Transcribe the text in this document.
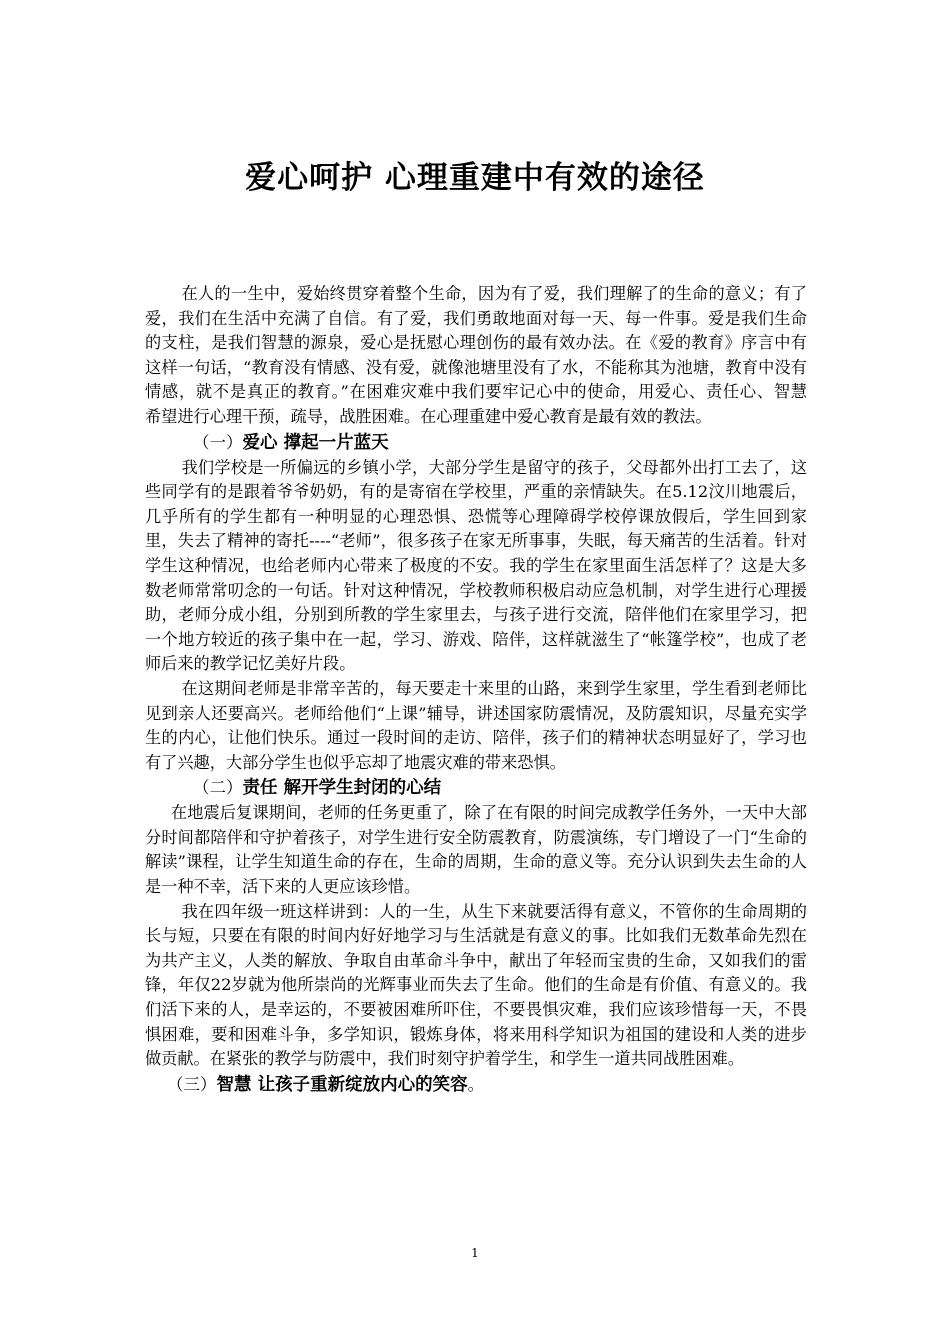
爱心呵护 心理重建中有效的途径

在人的一生中，爱始终贯穿着整个生命，因为有了爱，我们理解了的生命的意义；有了爱，我们在生活中充满了自信。有了爱，我们勇敢地面对每一天、每一件事。爱是我们生命的支柱，是我们智慧的源泉，爱心是抚慰心理创伤的最有效办法。在《爱的教育》序言中有这样一句话，“教育没有情感、没有爱，就像池塘里没有了水，不能称其为池塘，教育中没有情感，就不是真正的教育。”在困难灾难中我们要牢记心中的使命，用爱心、责任心、智慧　希望进行心理干预，疏导，战胜困难。在心理重建中爱心教育是最有效的教法。

（一）爱心 撑起一片蓝天

我们学校是一所偏远的乡镇小学，大部分学生是留守的孩子，父母都外出打工去了，这些同学有的是跟着爷爷奶奶，有的是寄宿在学校里，严重的亲情缺失。在5.12汶川地震后，几乎所有的学生都有一种明显的心理恐惧、恐慌等心理障碍学校停课放假后，学生回到家里，失去了精神的寄托----“老师”，很多孩子在家无所事事，失眠，每天痛苦的生活着。针对学生这种情况，也给老师内心带来了极度的不安。我的学生在家里面生活怎样了？这是大多数老师常常叨念的一句话。针对这种情况，学校教师积极启动应急机制，对学生进行心理援助，老师分成小组，分别到所教的学生家里去，与孩子进行交流，陪伴他们在家里学习，把一个地方较近的孩子集中在一起，学习、游戏、陪伴，这样就滋生了“帐篷学校”，也成了老师后来的教学记忆美好片段。

在这期间老师是非常辛苦的，每天要走十来里的山路，来到学生家里，学生看到老师比见到亲人还要高兴。老师给他们“上课”辅导，讲述国家防震情况，及防震知识，尽量充实学生的内心，让他们快乐。通过一段时间的走访、陪伴，孩子们的精神状态明显好了，学习也有了兴趣，大部分学生也似乎忘却了地震灾难的带来恐惧。

（二）责任 解开学生封闭的心结

在地震后复课期间，老师的任务更重了，除了在有限的时间完成教学任务外，一天中大部分时间都陪伴和守护着孩子，对学生进行安全防震教育，防震演练，专门增设了一门“生命的解读”课程，让学生知道生命的存在，生命的周期，生命的意义等。充分认识到失去生命的人是一种不幸，活下来的人更应该珍惜。

我在四年级一班这样讲到：人的一生，从生下来就要活得有意义，不管你的生命周期的长与短，只要在有限的时间内好好地学习与生活就是有意义的事。比如我们无数革命先烈在为共产主义，人类的解放、争取自由革命斗争中，献出了年轻而宝贵的生命，又如我们的雷锋，年仅22岁就为他所崇尚的光辉事业而失去了生命。他们的生命是有价值、有意义的。我们活下来的人，是幸运的，不要被困难所吓住，不要畏惧灾难，我们应该珍惜每一天，不畏惧困难，要和困难斗争，多学知识，锻炼身体，将来用科学知识为祖国的建设和人类的进步做贡献。在紧张的教学与防震中，我们时刻守护着学生，和学生一道共同战胜困难。

（三）智慧 让孩子重新绽放内心的笑容。

1
